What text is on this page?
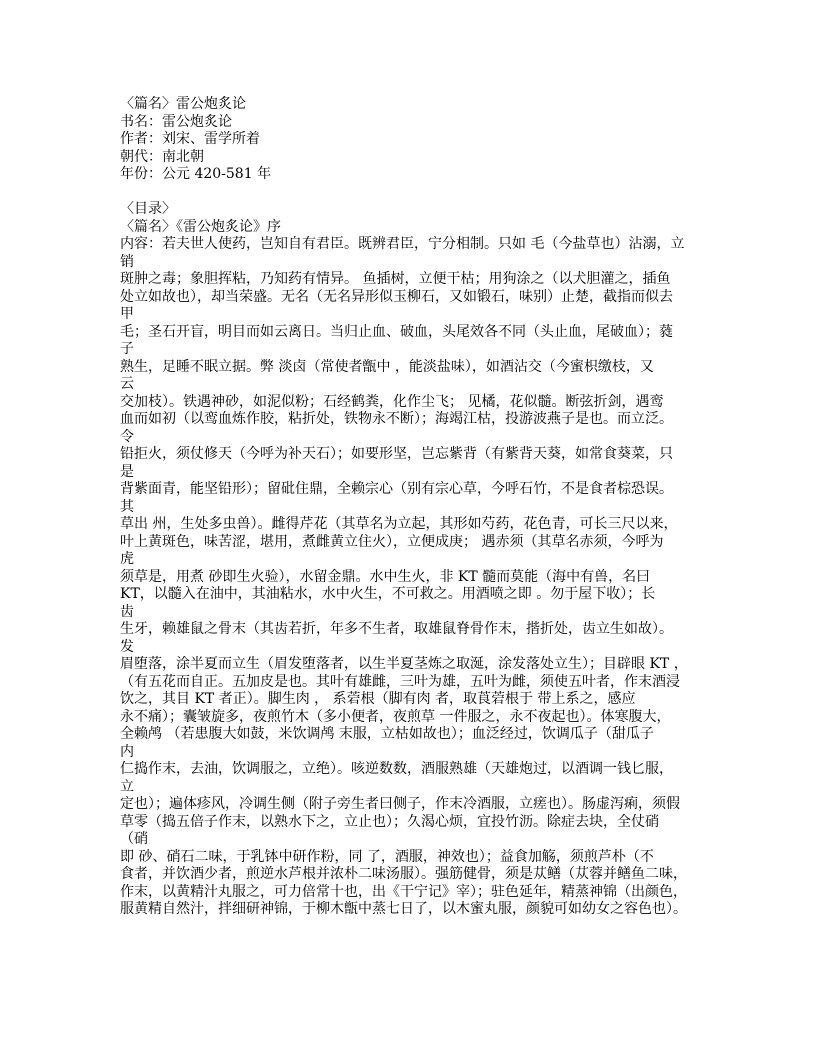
〈篇名〉雷公炮炙论
书名：雷公炮炙论
作者：刘宋、雷学所着
朝代：南北朝
年份：公元 420-581 年
〈目录〉
〈篇名〉《雷公炮炙论》序
内容：若夫世人使药，岂知自有君臣。既辨君臣，宁分相制。只如 毛（今盐草也）沾溺，立
销
斑肿之毒；象胆挥粘，乃知药有情异。 鱼插树，立便干枯；用狗涂之（以犬胆灌之，插鱼
处立如故也），却当荣盛。无名（无名异形似玉柳石，又如锻石，味别）止楚，截指而似去
甲
毛；圣石开盲，明目而如云离日。当归止血、破血，头尾效各不同（头止血，尾破血）；蕤
子
熟生，足睡不眠立据。弊 淡卤（常使者甑中 ，能淡盐味），如酒沾交（今蜜枳缴枝，又
云
交加枝）。铁遇神砂，如泥似粉；石经鹤粪，化作尘飞； 见橘，花似髓。断弦折剑，遇鸾
血而如初（以鸾血炼作胶，粘折处，铁物永不断）；海竭江枯，投游波燕子是也。而立泛。
令
铅拒火，须仗修天（今呼为补天石）；如要形坚，岂忘紫背（有紫背天葵，如常食葵菜，只
是
背紫面青，能坚铅形）；留砒住鼎，全赖宗心（别有宗心草，今呼石竹，不是食者棕恐误。
其
草出 州，生处多虫兽）。雌得芹花（其草名为立起，其形如芍药，花色青，可长三尺以来，
叶上黄斑色，味苦涩，堪用，煮雌黄立住火），立便成庚； 遇赤须（其草名赤须，今呼为
虎
须草是，用煮 砂即生火验），水留金鼎。水中生火，非 KT 髓而莫能（海中有兽，名曰
KT，以髓入在油中，其油粘水，水中火生，不可救之。用酒喷之即 。勿于屋下收）；长
齿
生牙，赖雄鼠之骨末（其齿若折，年多不生者，取雄鼠脊骨作末，揩折处，齿立生如故）。
发
眉堕落，涂半夏而立生（眉发堕落者，以生半夏茎炼之取涎，涂发落处立生）；目辟眼 KT ，
（有五花而自正。五加皮是也。其叶有雄雌，三叶为雄，五叶为雌，须使五叶者，作末酒浸
饮之，其目 KT 者正）。脚生肉 ， 系菪根（脚有肉 者，取莨菪根于 带上系之，感应
永不痛）；囊皱旋多，夜煎竹木（多小便者，夜煎草 一件服之，永不夜起也）。体寒腹大，
全赖鸬 （若患腹大如鼓，米饮调鸬 末服，立枯如故也）；血泛经过，饮调瓜子（甜瓜子
内
仁捣作末，去油，饮调服之，立绝）。咳逆数数，酒服熟雄（天雄炮过，以酒调一钱匕服，
立
定也）；遍体疹风，冷调生侧（附子旁生者曰侧子，作末冷酒服，立瘥也）。肠虚泻痢，须假
草零（捣五倍子作末，以熟水下之，立止也）；久渴心烦，宜投竹沥。除症去块，全仗硝
（硝
即 砂、硝石二味，于乳钵中研作粉，同 了，酒服，神效也）；益食加觞，须煎芦朴（不
食者，并饮酒少者，煎逆水芦根并浓朴二味汤服）。强筋健骨，须是苁鳝（苁蓉并鳝鱼二味，
作末，以黄精汁丸服之，可力倍常十也，出《干宁记》宰）；驻色延年，精蒸神锦（出颜色，
服黄精自然汁，拌细研神锦，于柳木甑中蒸七日了，以木蜜丸服，颜貌可如幼女之容色也）。
